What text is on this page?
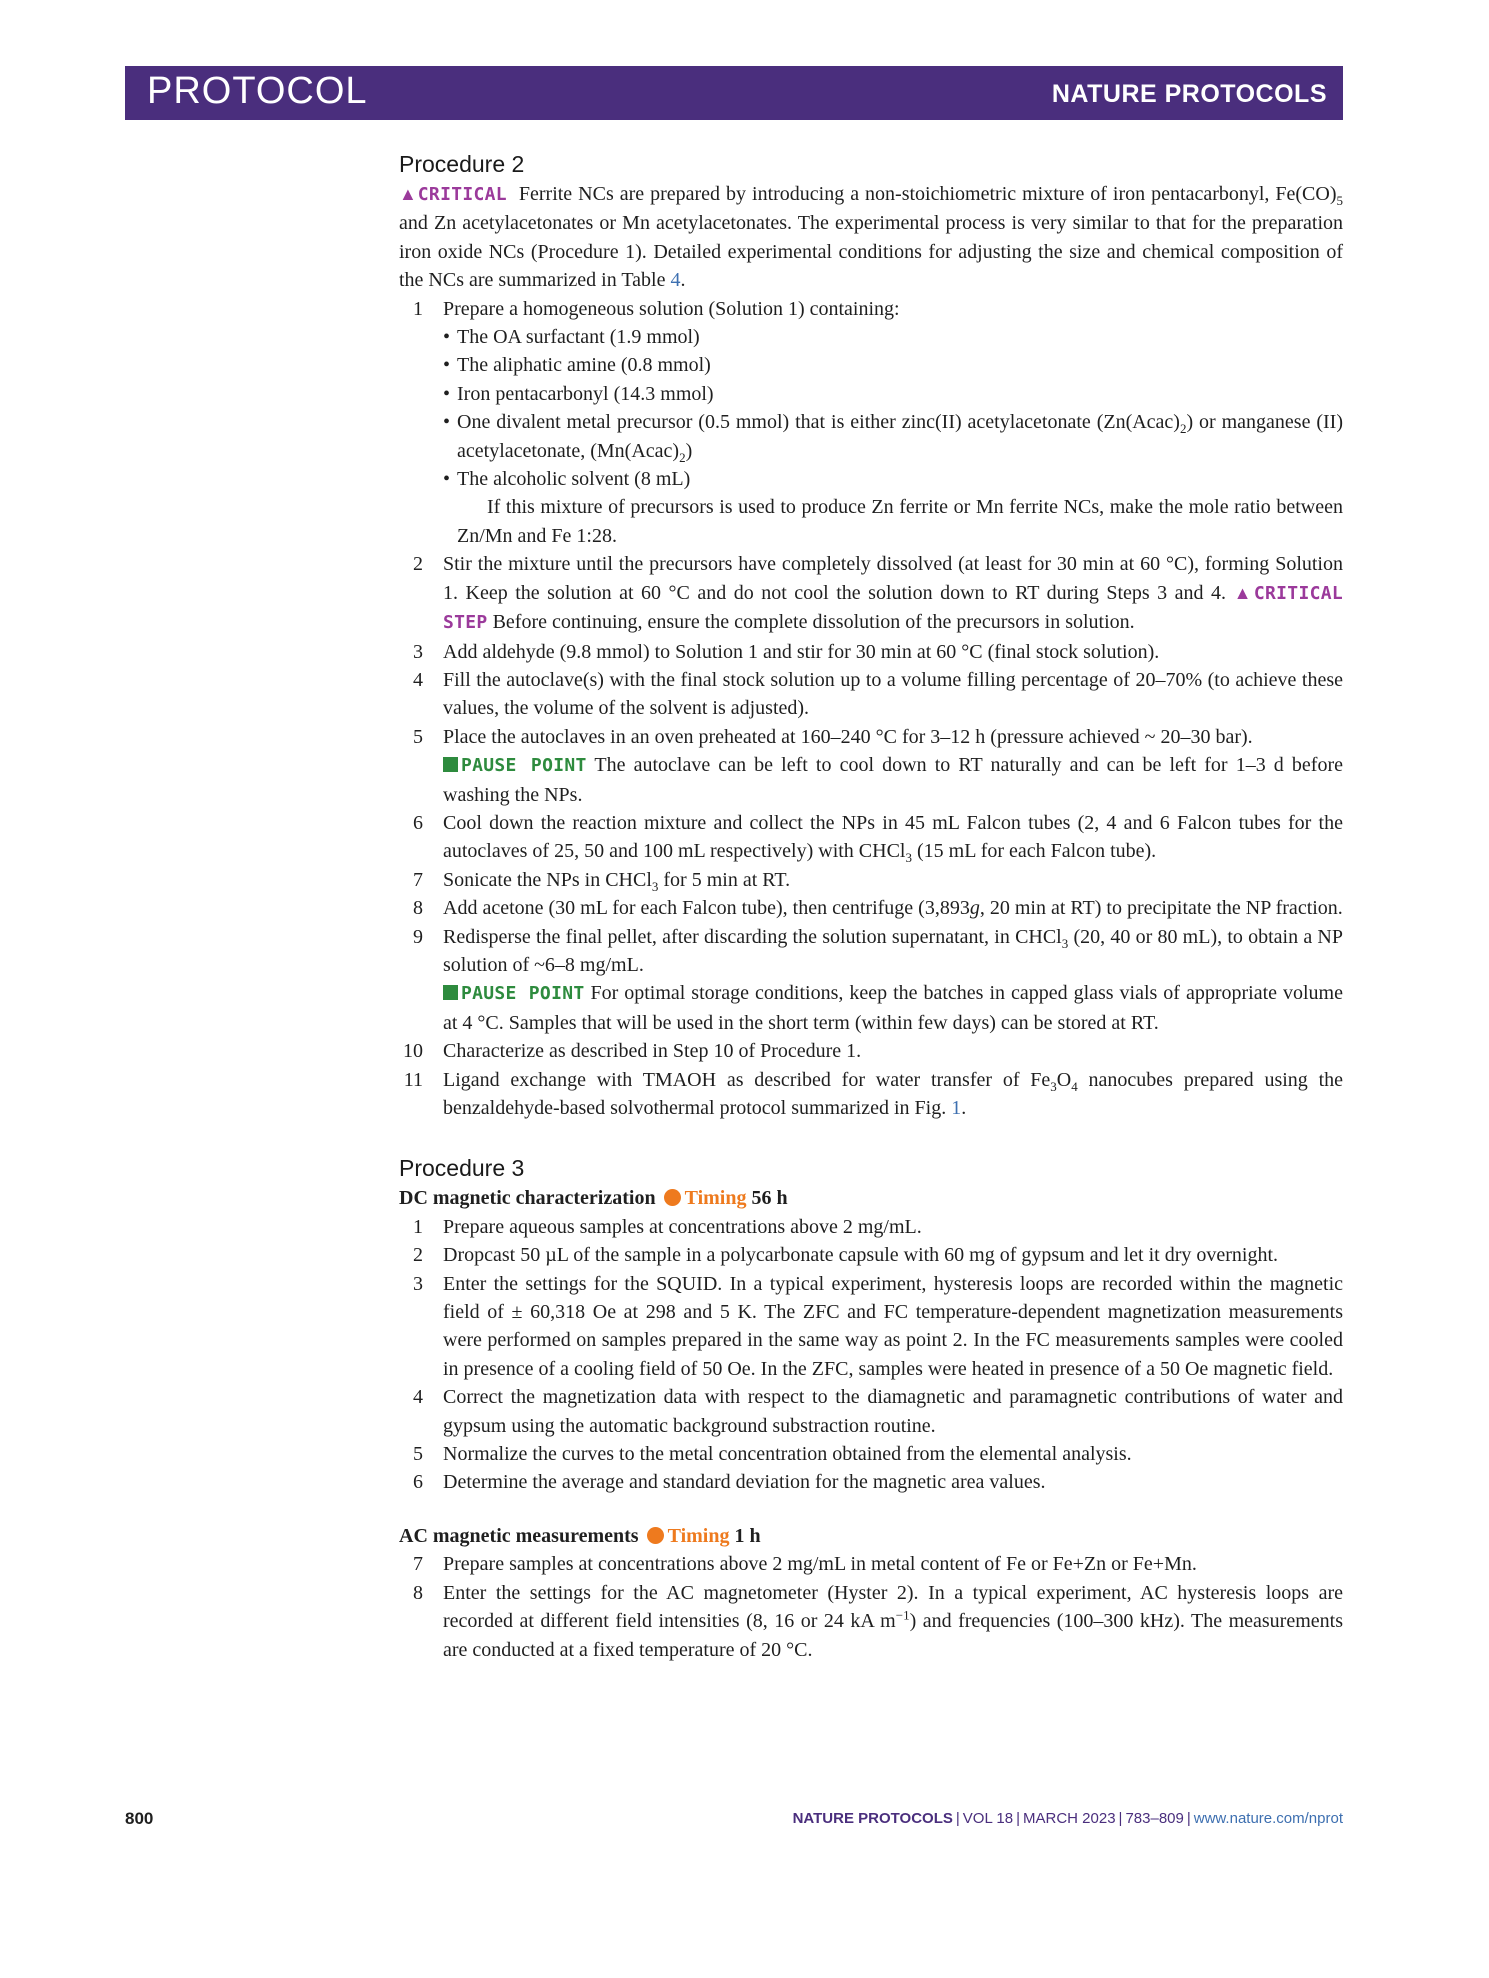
PROTOCOL	NATURE PROTOCOLS
Procedure 2

▲CRITICAL Ferrite NCs are prepared by introducing a non-stoichiometric mixture of iron pentacarbonyl, $Fe(CO)_5$ and Zn acetylacetonates or Mn acetylacetonates. The experimental process is very similar to that for the preparation iron oxide NCs (Procedure 1). Detailed experimental conditions for adjusting the size and chemical composition of the NCs are summarized in Table 4.

1 Prepare a homogeneous solution (Solution 1) containing:
• The OA surfactant (1.9 mmol)
• The aliphatic amine (0.8 mmol)
• Iron pentacarbonyl (14.3 mmol)
• One divalent metal precursor (0.5 mmol) that is either zinc(II) acetylacetonate $(Zn(Acac)_2)$ or manganese (II) acetylacetonate, $(Mn(Acac)_2)$
• The alcoholic solvent (8 mL)
If this mixture of precursors is used to produce Zn ferrite or Mn ferrite NCs, make the mole ratio between Zn/Mn and Fe 1:28.
2 Stir the mixture until the precursors have completely dissolved (at least for 30 min at 60 °C), forming Solution 1. Keep the solution at 60 °C and do not cool the solution down to RT during Steps 3 and 4. ▲CRITICAL STEP Before continuing, ensure the complete dissolution of the precursors in solution.
3 Add aldehyde (9.8 mmol) to Solution 1 and stir for 30 min at 60 °C (final stock solution).
4 Fill the autoclave(s) with the final stock solution up to a volume filling percentage of 20–70% (to achieve these values, the volume of the solvent is adjusted).
5 Place the autoclaves in an oven preheated at 160–240 °C for 3–12 h (pressure achieved ~ 20–30 bar).
PAUSE POINT The autoclave can be left to cool down to RT naturally and can be left for 1–3 d before washing the NPs.
6 Cool down the reaction mixture and collect the NPs in 45 mL Falcon tubes (2, 4 and 6 Falcon tubes for the autoclaves of 25, 50 and 100 mL respectively) with CHCl$_3$ (15 mL for each Falcon tube).
7 Sonicate the NPs in CHCl$_3$ for 5 min at RT.
8 Add acetone (30 mL for each Falcon tube), then centrifuge (3,893g, 20 min at RT) to precipitate the NP fraction.
9 Redisperse the final pellet, after discarding the solution supernatant, in CHCl$_3$ (20, 40 or 80 mL), to obtain a NP solution of ~6–8 mg/mL.
PAUSE POINT For optimal storage conditions, keep the batches in capped glass vials of appropriate volume at 4 °C. Samples that will be used in the short term (within few days) can be stored at RT.
10 Characterize as described in Step 10 of Procedure 1.
11 Ligand exchange with TMAOH as described for water transfer of $Fe_3O_4$ nanocubes prepared using the benzaldehyde-based solvothermal protocol summarized in Fig. 1.
Procedure 3
DC magnetic characterization Timing 56 h
1 Prepare aqueous samples at concentrations above 2 mg/mL.
2 Dropcast 50 µL of the sample in a polycarbonate capsule with 60 mg of gypsum and let it dry overnight.
3 Enter the settings for the SQUID. In a typical experiment, hysteresis loops are recorded within the magnetic field of ± 60,318 Oe at 298 and 5 K. The ZFC and FC temperature-dependent magnetization measurements were performed on samples prepared in the same way as point 2. In the FC measurements samples were cooled in presence of a cooling field of 50 Oe. In the ZFC, samples were heated in presence of a 50 Oe magnetic field.
4 Correct the magnetization data with respect to the diamagnetic and paramagnetic contributions of water and gypsum using the automatic background substraction routine.
5 Normalize the curves to the metal concentration obtained from the elemental analysis.
6 Determine the average and standard deviation for the magnetic area values.
AC magnetic measurements Timing 1 h
7 Prepare samples at concentrations above 2 mg/mL in metal content of Fe or Fe+Zn or Fe+Mn.
8 Enter the settings for the AC magnetometer (Hyster 2). In a typical experiment, AC hysteresis loops are recorded at different field intensities (8, 16 or 24 kA $m^{-1}$) and frequencies (100–300 kHz). The measurements are conducted at a fixed temperature of 20 °C.
800	NATURE PROTOCOLS | VOL 18 | MARCH 2023 | 783–809 | www.nature.com/nprot
